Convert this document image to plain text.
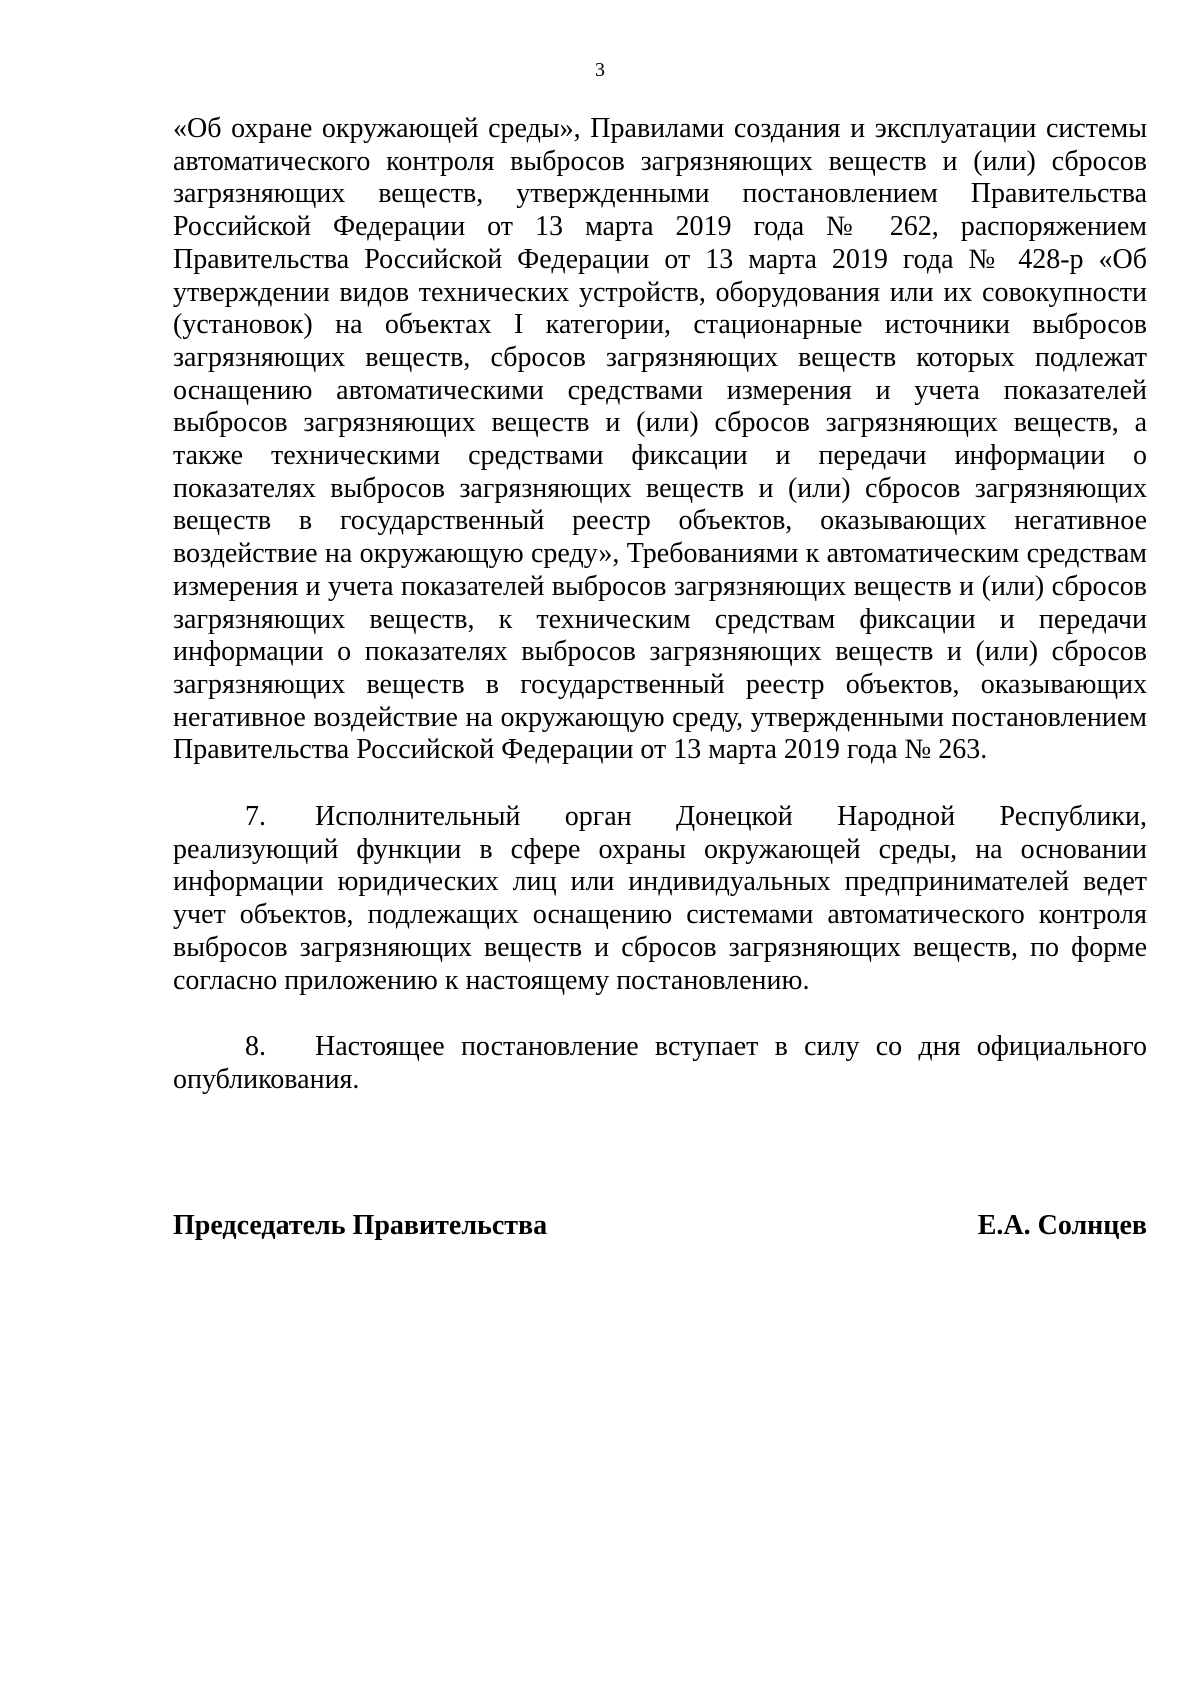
3

«Об охране окружающей среды», Правилами создания и эксплуатации системы автоматического контроля выбросов загрязняющих веществ и (или) сбросов загрязняющих веществ, утвержденными постановлением Правительства Российской Федерации от 13 марта 2019 года № 262, распоряжением Правительства Российской Федерации от 13 марта 2019 года № 428-р «Об утверждении видов технических устройств, оборудования или их совокупности (установок) на объектах I категории, стационарные источники выбросов загрязняющих веществ, сбросов загрязняющих веществ которых подлежат оснащению автоматическими средствами измерения и учета показателей выбросов загрязняющих веществ и (или) сбросов загрязняющих веществ, а также техническими средствами фиксации и передачи информации о показателях выбросов загрязняющих веществ и (или) сбросов загрязняющих веществ в государственный реестр объектов, оказывающих негативное воздействие на окружающую среду», Требованиями к автоматическим средствам измерения и учета показателей выбросов загрязняющих веществ и (или) сбросов загрязняющих веществ, к техническим средствам фиксации и передачи информации о показателях выбросов загрязняющих веществ и (или) сбросов загрязняющих веществ в государственный реестр объектов, оказывающих негативное воздействие на окружающую среду, утвержденными постановлением Правительства Российской Федерации от 13 марта 2019 года № 263.

7. Исполнительный орган Донецкой Народной Республики, реализующий функции в сфере охраны окружающей среды, на основании информации юридических лиц или индивидуальных предпринимателей ведет учет объектов, подлежащих оснащению системами автоматического контроля выбросов загрязняющих веществ и сбросов загрязняющих веществ, по форме согласно приложению к настоящему постановлению.

8. Настоящее постановление вступает в силу со дня официального опубликования.

Председатель Правительства	Е.А. Солнцев
